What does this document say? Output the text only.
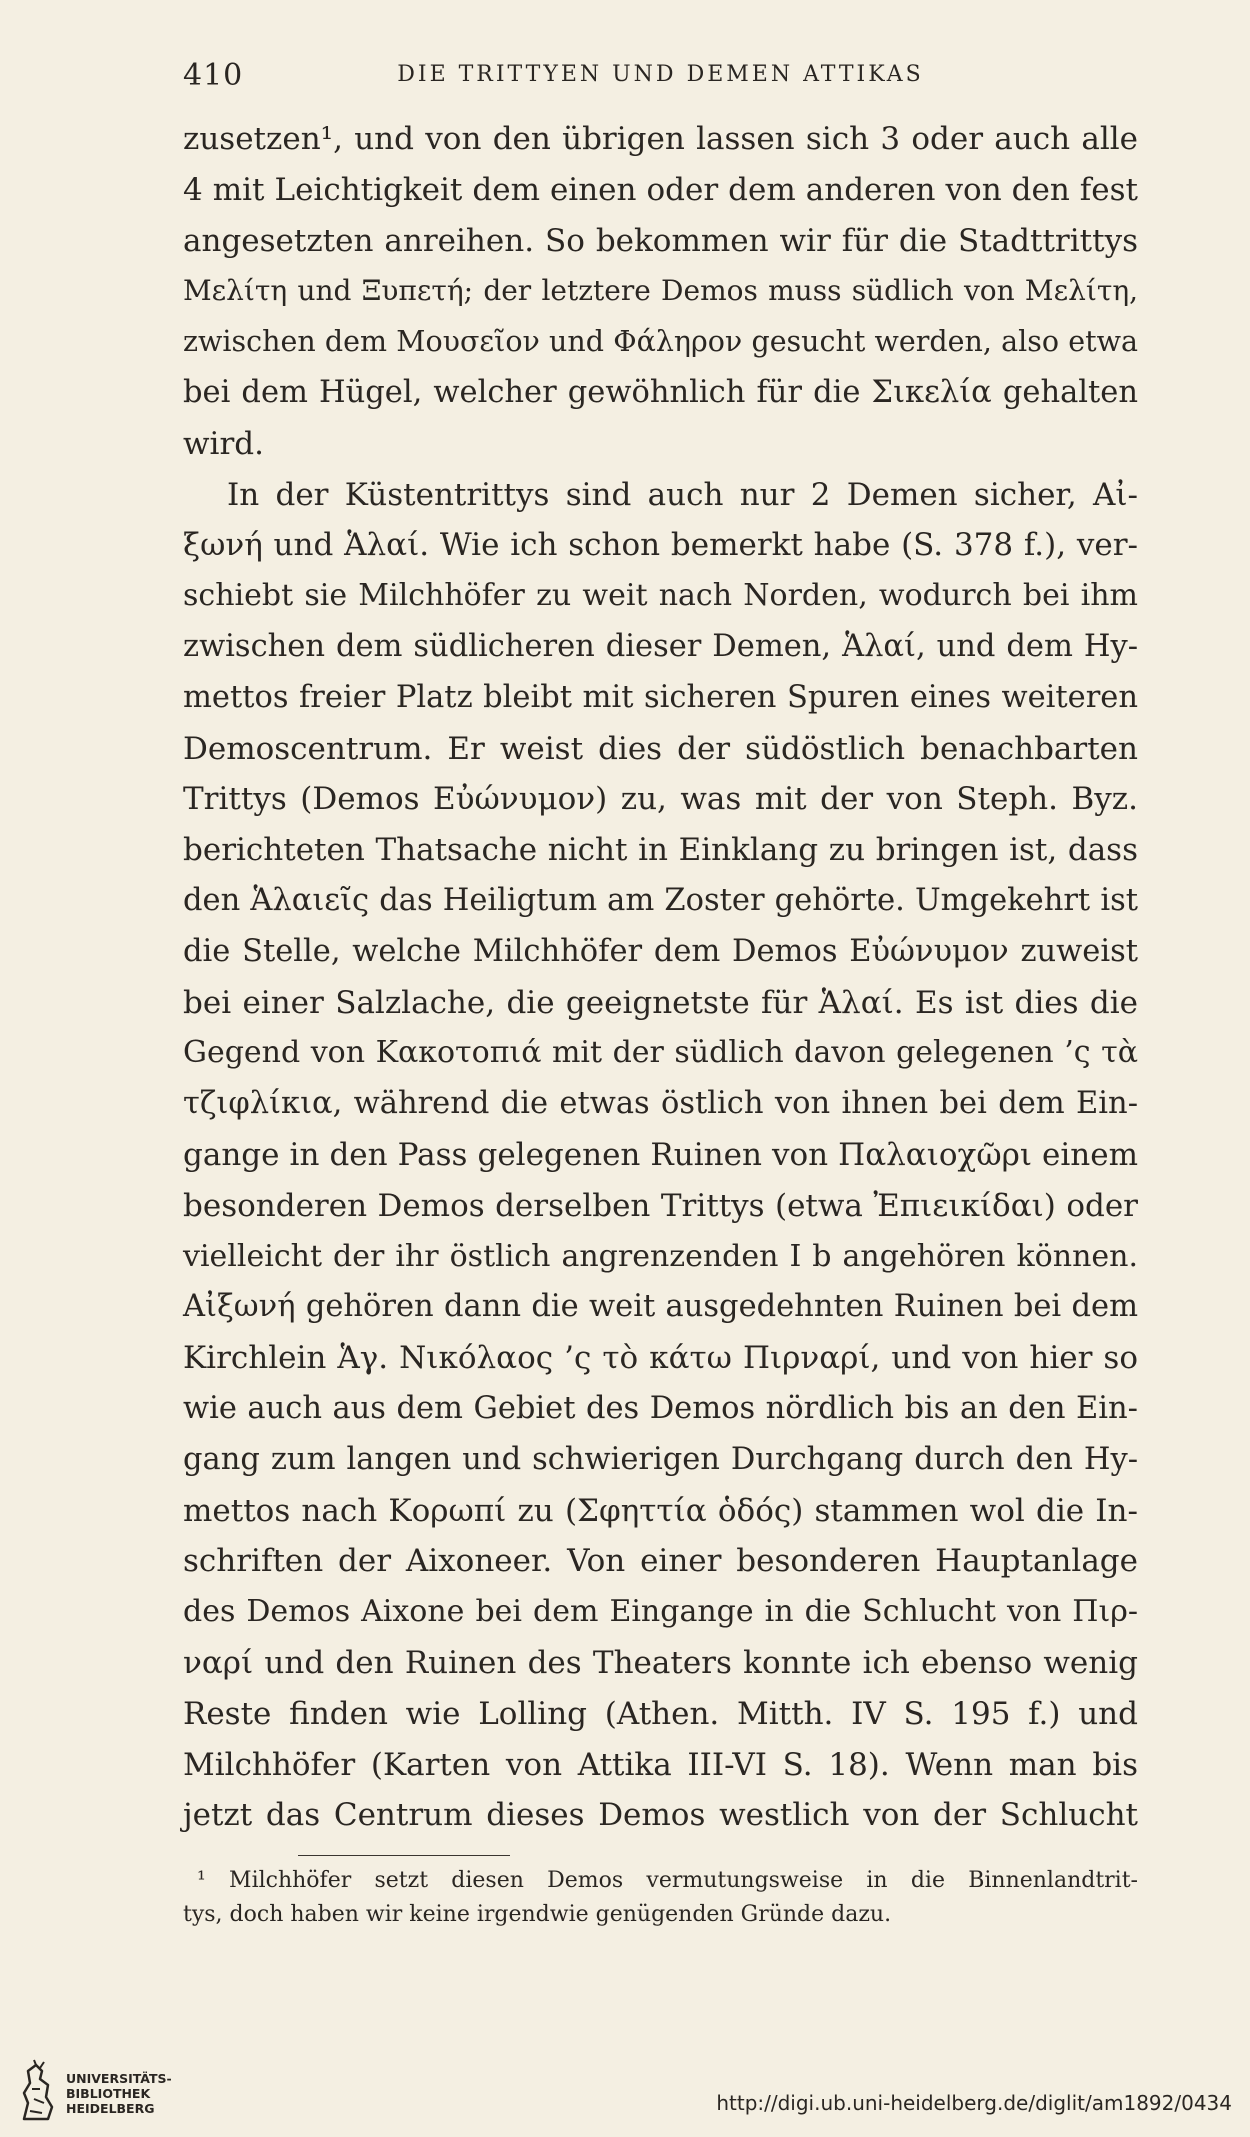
410	DIE TRITTYEN UND DEMEN ATTIKAS
zusetzen¹, und von den übrigen lassen sich 3 oder auch alle
4 mit Leichtigkeit dem einen oder dem anderen von den fest
angesetzten anreihen. So bekommen wir für die Stadttrittys
Μελίτη und Ξυπετή; der letztere Demos muss südlich von Μελίτη,
zwischen dem Μουσεῖον und Φάληρον gesucht werden, also etwa
bei dem Hügel, welcher gewöhnlich für die Σικελία gehalten
wird.
In der Küstentrittys sind auch nur 2 Demen sicher, Αἰ-
ξωνή und Ἁλαί. Wie ich schon bemerkt habe (S. 378 f.), ver-
schiebt sie Milchhöfer zu weit nach Norden, wodurch bei ihm
zwischen dem südlicheren dieser Demen, Ἁλαί, und dem Hy-
mettos freier Platz bleibt mit sicheren Spuren eines weiteren
Demoscentrum. Er weist dies der südöstlich benachbarten
Trittys (Demos Εὐώνυμον) zu, was mit der von Steph. Byz.
berichteten Thatsache nicht in Einklang zu bringen ist, dass
den Ἁλαιεῖς das Heiligtum am Zoster gehörte. Umgekehrt ist
die Stelle, welche Milchhöfer dem Demos Εὐώνυμον zuweist
bei einer Salzlache, die geeignetste für Ἁλαί. Es ist dies die
Gegend von Κακοτοπιά mit der südlich davon gelegenen ’ς τὰ
τζιφλίκια, während die etwas östlich von ihnen bei dem Ein-
gange in den Pass gelegenen Ruinen von Παλαιοχῶρι einem
besonderen Demos derselben Trittys (etwa Ἐπιεικίδαι) oder
vielleicht der ihr östlich angrenzenden I b angehören können.
Αἰξωνή gehören dann die weit ausgedehnten Ruinen bei dem
Kirchlein Ἁγ. Νικόλαος ’ς τὸ κάτω Πιρναρί, und von hier so
wie auch aus dem Gebiet des Demos nördlich bis an den Ein-
gang zum langen und schwierigen Durchgang durch den Hy-
mettos nach Κορωπί zu (Σφηττία ὁδός) stammen wol die In-
schriften der Aixoneer. Von einer besonderen Hauptanlage
des Demos Aixone bei dem Eingange in die Schlucht von Πιρ-
ναρί und den Ruinen des Theaters konnte ich ebenso wenig
Reste finden wie Lolling (Athen. Mitth. IV S. 195 f.) und
Milchhöfer (Karten von Attika III-VI S. 18). Wenn man bis
jetzt das Centrum dieses Demos westlich von der Schlucht
¹ Milchhöfer setzt diesen Demos vermutungsweise in die Binnenlandtrit-
tys, doch haben wir keine irgendwie genügenden Gründe dazu.
UNIVERSITÄTS-
BIBLIOTHEK
HEIDELBERG	http://digi.ub.uni-heidelberg.de/diglit/am1892/0434
